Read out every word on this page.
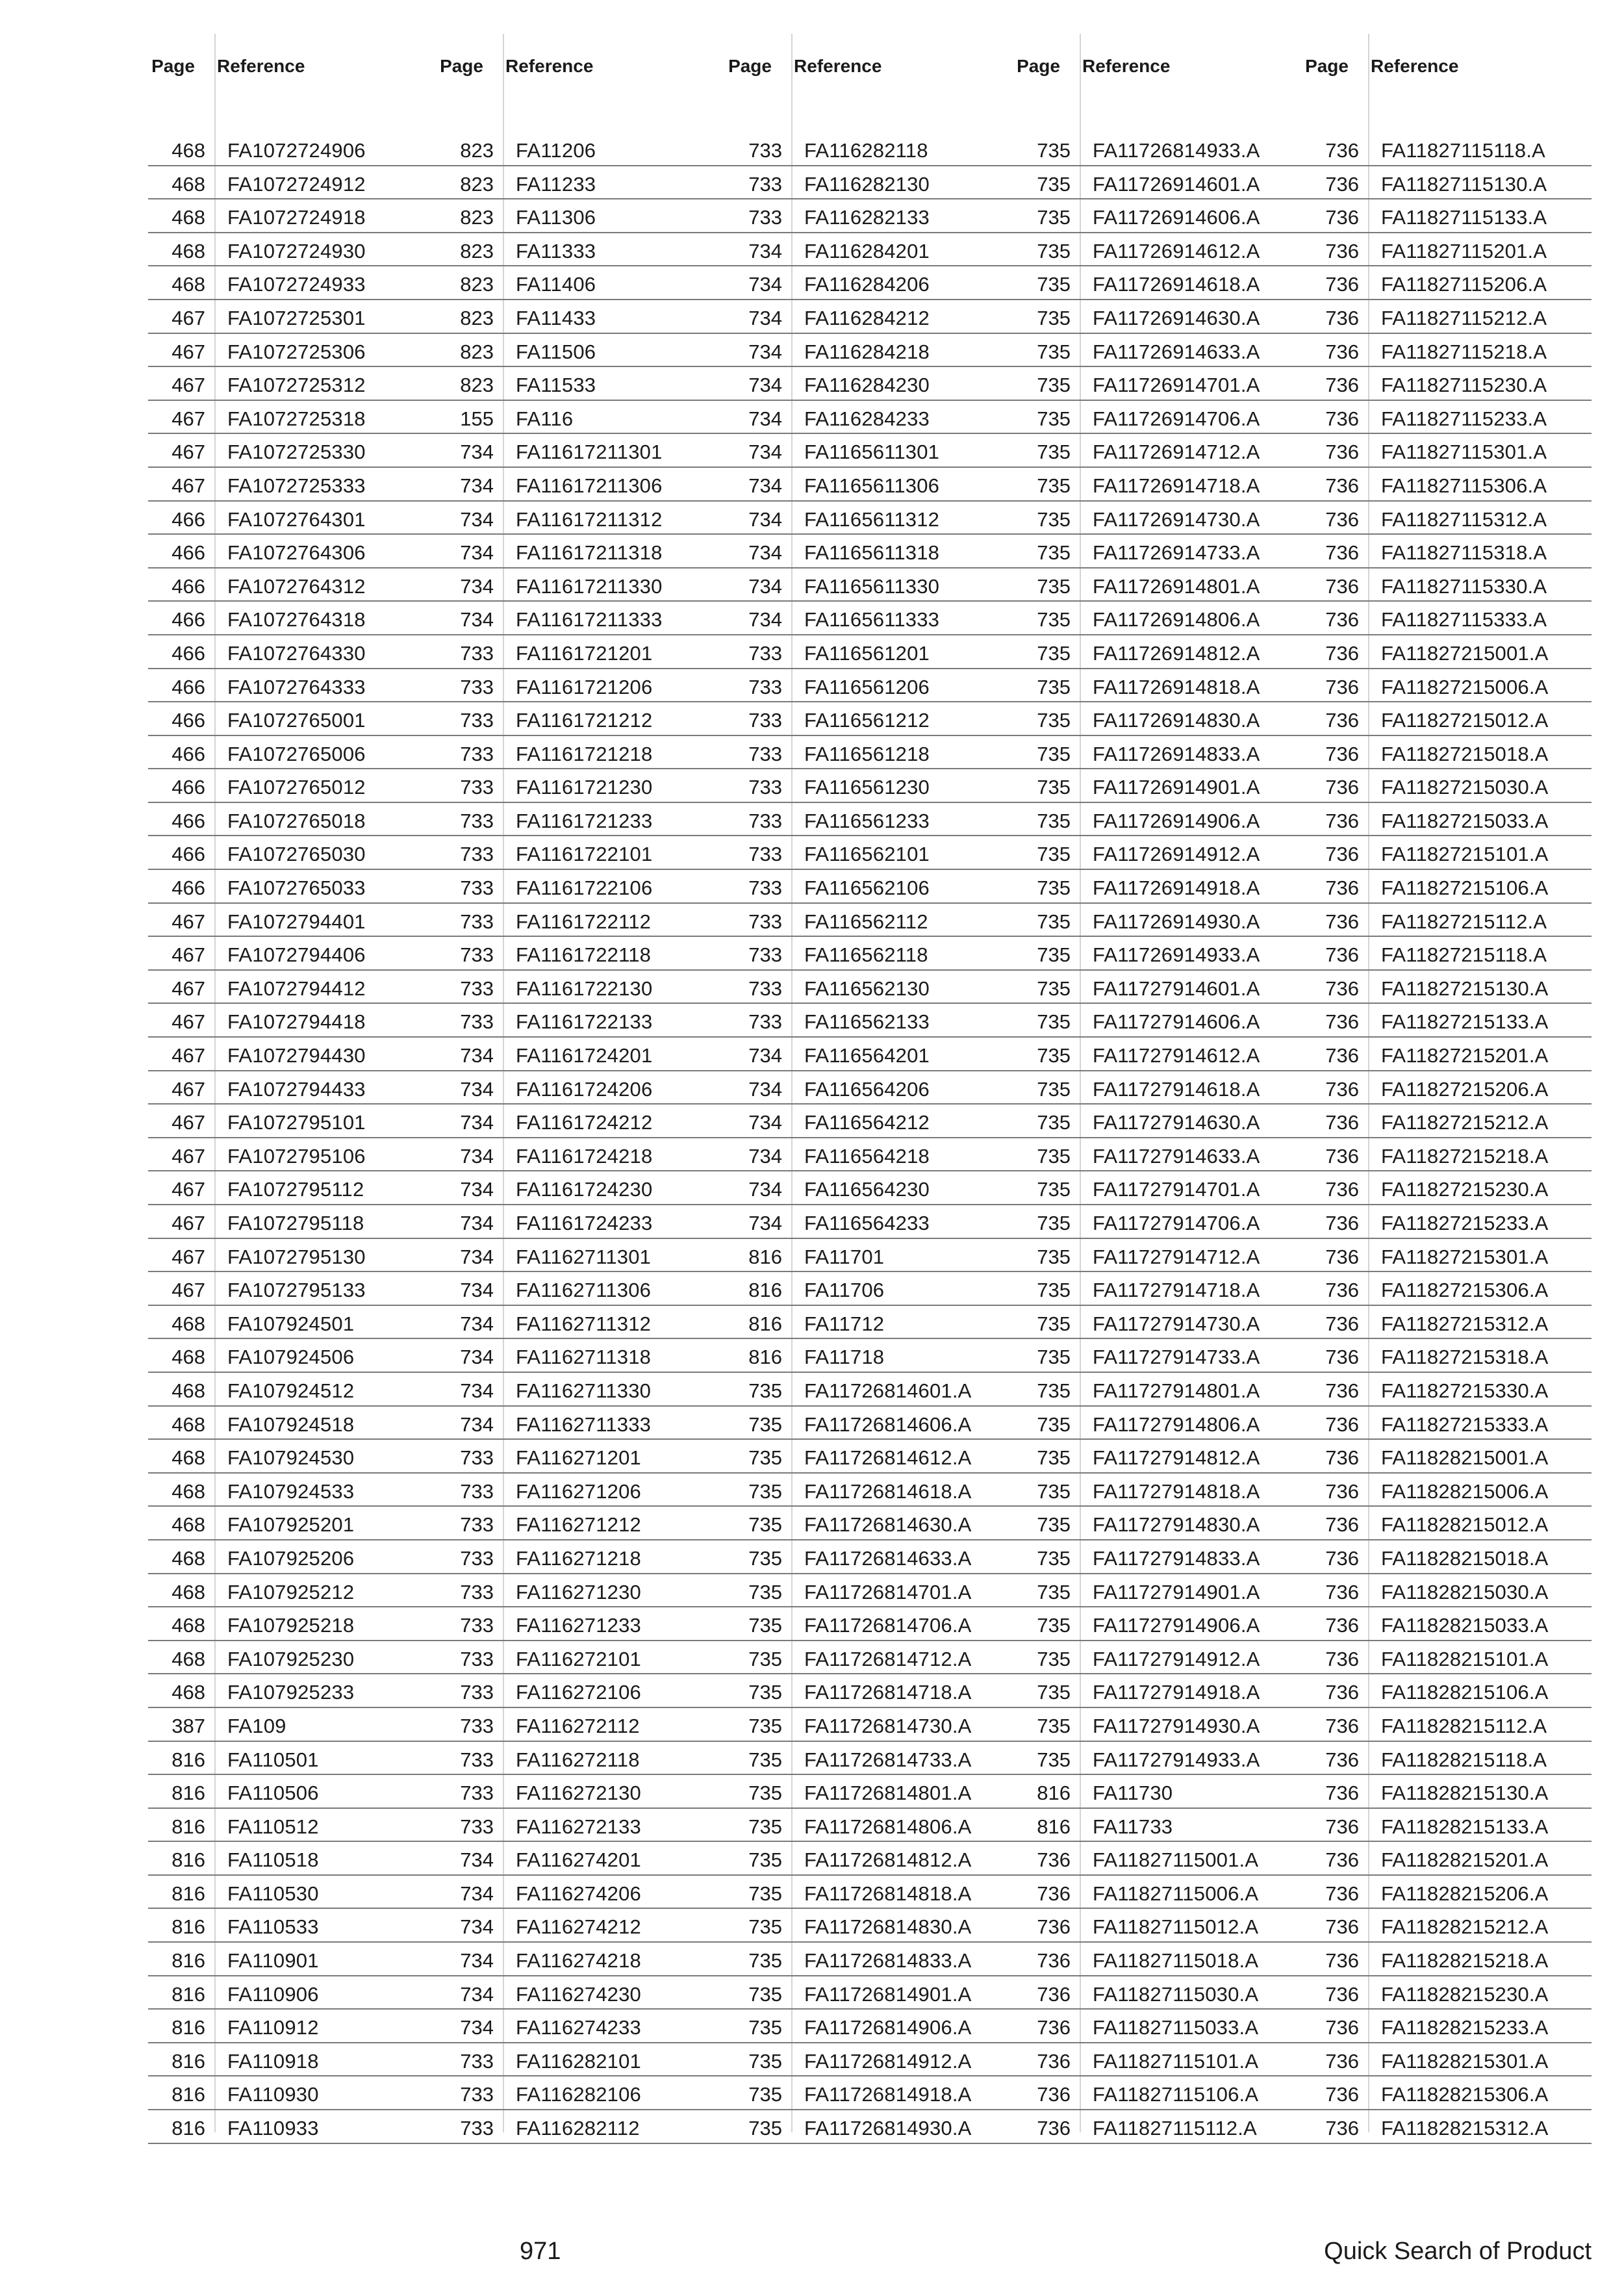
Page Reference
468 FA1072724906
468 FA1072724912
468 FA1072724918
468 FA1072724930
468 FA1072724933
467 FA1072725301
467 FA1072725306
467 FA1072725312
467 FA1072725318
467 FA1072725330
467 FA1072725333
466 FA1072764301
466 FA1072764306
466 FA1072764312
466 FA1072764318
466 FA1072764330
466 FA1072764333
466 FA1072765001
466 FA1072765006
466 FA1072765012
466 FA1072765018
466 FA1072765030
466 FA1072765033
467 FA1072794401
467 FA1072794406
467 FA1072794412
467 FA1072794418
467 FA1072794430
467 FA1072794433
467 FA1072795101
467 FA1072795106
467 FA1072795112
467 FA1072795118
467 FA1072795130
467 FA1072795133
468 FA107924501
468 FA107924506
468 FA107924512
468 FA107924518
468 FA107924530
468 FA107924533
468 FA107925201
468 FA107925206
468 FA107925212
468 FA107925218
468 FA107925230
468 FA107925233
387 FA109
816 FA110501
816 FA110506
816 FA110512
816 FA110518
816 FA110530
816 FA110533
816 FA110901
816 FA110906
816 FA110912
816 FA110918
816 FA110930
816 FA110933
Page Reference
823 FA11206
823 FA11233
823 FA11306
823 FA11333
823 FA11406
823 FA11433
823 FA11506
823 FA11533
155 FA116
734 FA11617211301
734 FA11617211306
734 FA11617211312
734 FA11617211318
734 FA11617211330
734 FA11617211333
733 FA1161721201
733 FA1161721206
733 FA1161721212
733 FA1161721218
733 FA1161721230
733 FA1161721233
733 FA1161722101
733 FA1161722106
733 FA1161722112
733 FA1161722118
733 FA1161722130
733 FA1161722133
734 FA1161724201
734 FA1161724206
734 FA1161724212
734 FA1161724218
734 FA1161724230
734 FA1161724233
734 FA1162711301
734 FA1162711306
734 FA1162711312
734 FA1162711318
734 FA1162711330
734 FA1162711333
733 FA116271201
733 FA116271206
733 FA116271212
733 FA116271218
733 FA116271230
733 FA116271233
733 FA116272101
733 FA116272106
733 FA116272112
733 FA116272118
733 FA116272130
733 FA116272133
734 FA116274201
734 FA116274206
734 FA116274212
734 FA116274218
734 FA116274230
734 FA116274233
733 FA116282101
733 FA116282106
733 FA116282112
Page Reference
733 FA116282118
733 FA116282130
733 FA116282133
734 FA116284201
734 FA116284206
734 FA116284212
734 FA116284218
734 FA116284230
734 FA116284233
734 FA1165611301
734 FA1165611306
734 FA1165611312
734 FA1165611318
734 FA1165611330
734 FA1165611333
733 FA116561201
733 FA116561206
733 FA116561212
733 FA116561218
733 FA116561230
733 FA116561233
733 FA116562101
733 FA116562106
733 FA116562112
733 FA116562118
733 FA116562130
733 FA116562133
734 FA116564201
734 FA116564206
734 FA116564212
734 FA116564218
734 FA116564230
734 FA116564233
816 FA11701
816 FA11706
816 FA11712
816 FA11718
735 FA11726814601.A
735 FA11726814606.A
735 FA11726814612.A
735 FA11726814618.A
735 FA11726814630.A
735 FA11726814633.A
735 FA11726814701.A
735 FA11726814706.A
735 FA11726814712.A
735 FA11726814718.A
735 FA11726814730.A
735 FA11726814733.A
735 FA11726814801.A
735 FA11726814806.A
735 FA11726814812.A
735 FA11726814818.A
735 FA11726814830.A
735 FA11726814833.A
735 FA11726814901.A
735 FA11726814906.A
735 FA11726814912.A
735 FA11726814918.A
735 FA11726814930.A
Page Reference
735 FA11726814933.A
735 FA11726914601.A
735 FA11726914606.A
735 FA11726914612.A
735 FA11726914618.A
735 FA11726914630.A
735 FA11726914633.A
735 FA11726914701.A
735 FA11726914706.A
735 FA11726914712.A
735 FA11726914718.A
735 FA11726914730.A
735 FA11726914733.A
735 FA11726914801.A
735 FA11726914806.A
735 FA11726914812.A
735 FA11726914818.A
735 FA11726914830.A
735 FA11726914833.A
735 FA11726914901.A
735 FA11726914906.A
735 FA11726914912.A
735 FA11726914918.A
735 FA11726914930.A
735 FA11726914933.A
735 FA11727914601.A
735 FA11727914606.A
735 FA11727914612.A
735 FA11727914618.A
735 FA11727914630.A
735 FA11727914633.A
735 FA11727914701.A
735 FA11727914706.A
735 FA11727914712.A
735 FA11727914718.A
735 FA11727914730.A
735 FA11727914733.A
735 FA11727914801.A
735 FA11727914806.A
735 FA11727914812.A
735 FA11727914818.A
735 FA11727914830.A
735 FA11727914833.A
735 FA11727914901.A
735 FA11727914906.A
735 FA11727914912.A
735 FA11727914918.A
735 FA11727914930.A
735 FA11727914933.A
816 FA11730
816 FA11733
736 FA11827115001.A
736 FA11827115006.A
736 FA11827115012.A
736 FA11827115018.A
736 FA11827115030.A
736 FA11827115033.A
736 FA11827115101.A
736 FA11827115106.A
736 FA11827115112.A
Page Reference
736 FA11827115118.A
736 FA11827115130.A
736 FA11827115133.A
736 FA11827115201.A
736 FA11827115206.A
736 FA11827115212.A
736 FA11827115218.A
736 FA11827115230.A
736 FA11827115233.A
736 FA11827115301.A
736 FA11827115306.A
736 FA11827115312.A
736 FA11827115318.A
736 FA11827115330.A
736 FA11827115333.A
736 FA11827215001.A
736 FA11827215006.A
736 FA11827215012.A
736 FA11827215018.A
736 FA11827215030.A
736 FA11827215033.A
736 FA11827215101.A
736 FA11827215106.A
736 FA11827215112.A
736 FA11827215118.A
736 FA11827215130.A
736 FA11827215133.A
736 FA11827215201.A
736 FA11827215206.A
736 FA11827215212.A
736 FA11827215218.A
736 FA11827215230.A
736 FA11827215233.A
736 FA11827215301.A
736 FA11827215306.A
736 FA11827215312.A
736 FA11827215318.A
736 FA11827215330.A
736 FA11827215333.A
736 FA11828215001.A
736 FA11828215006.A
736 FA11828215012.A
736 FA11828215018.A
736 FA11828215030.A
736 FA11828215033.A
736 FA11828215101.A
736 FA11828215106.A
736 FA11828215112.A
736 FA11828215118.A
736 FA11828215130.A
736 FA11828215133.A
736 FA11828215201.A
736 FA11828215206.A
736 FA11828215212.A
736 FA11828215218.A
736 FA11828215230.A
736 FA11828215233.A
736 FA11828215301.A
736 FA11828215306.A
736 FA11828215312.A
971	Quick Search of Product
